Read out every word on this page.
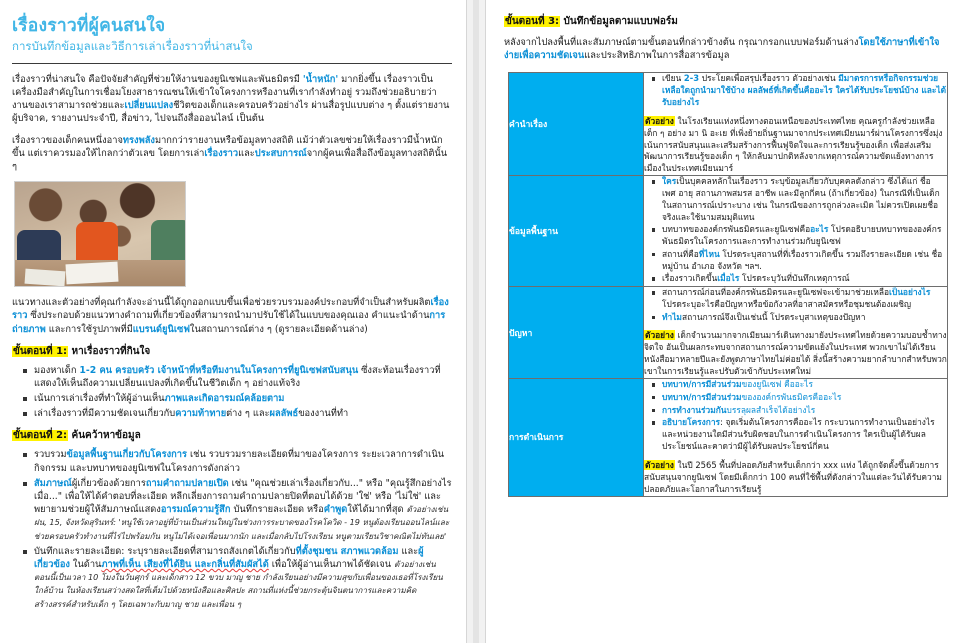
เรื่องราวที่ผู้คนสนใจ
การบันทึกข้อมูลและวิธีการเล่าเรื่องราวที่น่าสนใจ

เรื่องราวที่น่าสนใจ คือปัจจัยสำคัญที่ช่วยให้งานของยูนิเซฟและพันธมิตรมี 'น้ำหนัก' มากยิ่งขึ้น เรื่องราวเป็นเครื่องมือสำคัญในการเชื่อมโยงสาธารณชนให้เข้าใจโครงการหรืองานที่เรากำลังทำอยู่ รวมถึงช่วยอธิบายว่างานของเราสามารถช่วยและเปลี่ยนแปลงชีวิตของเด็กและครอบครัวอย่างไร ผ่านสื่อรูปแบบต่าง ๆ ตั้งแต่รายงานผู้บริจาค, รายงานประจำปี, สื่อข่าว, ไปจนถึงสื่อออนไลน์ เป็นต้น

เรื่องราวของเด็กคนหนึ่งอาจทรงพลังมากกว่ารายงานหรือข้อมูลทางสถิติ แม้ว่าตัวเลขช่วยให้เรื่องราวมีน้ำหนักขึ้น แต่เราควรมองให้ไกลกว่าตัวเลข โดยการเล่าเรื่องราวและประสบการณ์จากผู้คนเพื่อสื่อถึงข้อมูลทางสถิตินั้น ๆ

แนวทางและตัวอย่างที่คุณกำลังจะอ่านนี้ได้ถูกออกแบบขึ้นเพื่อช่วยรวบรวมองค์ประกอบที่จำเป็นสำหรับผลิตเรื่องราว ซึ่งประกอบด้วยแนวทางคำถามที่เกี่ยวข้องที่สามารถนำมาปรับใช้ได้ในแบบของคุณเอง คำแนะนำด้านการถ่ายภาพ และการใช้รูปภาพที่มีแบรนด์ยูนิเซฟในสถานการณ์ต่าง ๆ (ดูรายละเอียดด้านล่าง)

ขั้นตอนที่ 1: หาเรื่องราวที่กินใจ
มองหาเด็ก 1-2 คน ครอบครัว เจ้าหน้าที่หรือทีมงานในโครงการที่ยูนิเซฟสนับสนุน ซึ่งสะท้อนเรื่องราวที่แสดงให้เห็นถึงความเปลี่ยนแปลงที่เกิดขึ้นในชีวิตเด็ก ๆ อย่างแท้จริง
เน้นการเล่าเรื่องที่ทำให้ผู้อ่านเห็นภาพและเกิดอารมณ์คล้อยตาม
เล่าเรื่องราวที่มีความชัดเจนเกี่ยวกับความท้าทายต่าง ๆ และผลลัพธ์ของงานที่ทำ
ขั้นตอนที่ 2: ค้นคว้าหาข้อมูล
รวบรวมข้อมูลพื้นฐานเกี่ยวกับโครงการ เช่น รวบรวมรายละเอียดที่มาของโครงการ ระยะเวลาการดำเนินกิจกรรม และบทบาทของยูนิเซฟในโครงการดังกล่าว
สัมภาษณ์ผู้เกี่ยวข้องด้วยการถามคำถามปลายเปิด เช่น "คุณช่วยเล่าเรื่องเกี่ยวกับ..." หรือ "คุณรู้สึกอย่างไรเมื่อ..." เพื่อให้ได้คำตอบที่ละเอียด หลีกเลี่ยงการถามคำถามปลายปิดที่ตอบได้ด้วย 'ใช่' หรือ 'ไม่ใช่' และพยายามช่วยผู้ให้สัมภาษณ์แสดงอารมณ์ความรู้สึก บันทึกรายละเอียด หรือคำพูดให้ได้มากที่สุด ตัวอย่างเช่น ฝน, 15, จังหวัดสุรินทร์: 'หนูใช้เวลาอยู่ที่บ้านเป็นส่วนใหญ่ในช่วงการระบาดของโรคโควิด - 19 หนูต้องเรียนออนไลน์และช่วยครอบครัวทำงานที่ไร่ไปพร้อมกัน หนูไม่ได้เจอเพื่อนมากนัก และเมื่อกลับไปโรงเรียน หนูตามเรียนวิชาคณิตไม่ทันเลย'
บันทึกและรายละเอียด: ระบุรายละเอียดที่สามารถสังเกตได้เกี่ยวกับที่ตั้งชุมชน สภาพแวดล้อม และผู้เกี่ยวข้อง ในด้านภาพที่เห็น เสียงที่ได้ยิน และกลิ่นที่สัมผัสได้ เพื่อให้ผู้อ่านเห็นภาพได้ชัดเจน ตัวอย่างเช่น ตอนนี้เป็นเวลา 10 โมงในวันศุกร์ และเด็กสาว 12 ขวบ มาญู ชาย กำลังเรียนอย่างมีความสุขกับเพื่อนของเธอที่โรงเรียนใกล้บ้าน ในห้องเรียนสว่างสดใสที่เต็มไปด้วยหนังสือและศิลปะ สถานที่แห่งนี้ช่วยกระตุ้นจินตนาการและความคิดสร้างสรรค์สำหรับเด็ก ๆ โดยเฉพาะกับมาญู ชาย และเพื่อน ๆ
ขั้นตอนที่ 3: บันทึกข้อมูลตามแบบฟอร์ม

หลังจากไปลงพื้นที่และสัมภาษณ์ตามขั้นตอนที่กล่าวข้างต้น กรุณากรอกแบบฟอร์มด้านล่างโดยใช้ภาษาที่เข้าใจง่ายเพื่อความชัดเจนและประสิทธิภาพในการสื่อสารข้อมูล

คำนำเรื่อง	
เขียน 2-3 ประโยคเพื่อสรุปเรื่องราว ตัวอย่างเช่น มีมาตรการหรือกิจกรรมช่วยเหลือใดถูกนำมาใช้บ้าง ผลลัพธ์ที่เกิดขึ้นคืออะไร ใครได้รับประโยชน์บ้าง และได้รับอย่างไร
ตัวอย่าง ในโรงเรียนแห่งหนึ่งทางตอนเหนือของประเทศไทย คุณครูกำลังช่วยเหลือเด็ก ๆ อย่าง มา นิ อะเย ที่เพิ่งย้ายถิ่นฐานมาจากประเทศเมียนมาร์ผ่านโครงการซึ่งมุ่งเน้นการสนับสนุนและเสริมสร้างการฟื้นฟูจิตใจและการเรียนรู้ของเด็ก เพื่อส่งเสริมพัฒนาการเรียนรู้ของเด็ก ๆ ให้กลับมาปกติหลังจากเหตุการณ์ความขัดแย้งทางการเมืองในประเทศเมียนมาร์

ข้อมูลพื้นฐาน	
ใครเป็นบุคคลหลักในเรื่องราว ระบุข้อมูลเกี่ยวกับบุคคลดังกล่าว ซึ่งได้แก่ ชื่อ เพศ อายุ สถานภาพสมรส อาชีพ และมีลูกกี่คน (ถ้าเกี่ยวข้อง) ในกรณีที่เป็นเด็กในสถานการณ์เปราะบาง เช่น ในกรณีของการถูกล่วงละเมิด ไม่ควรเปิดเผยชื่อจริงและใช้นามสมมุติแทน
บทบาทขององค์กรพันธมิตรและยูนิเซฟคืออะไร โปรดอธิบายบทบาทขององค์กรพันธมิตรในโครงการและการทำงานร่วมกับยูนิเซฟ
สถานที่คือที่ไหน โปรดระบุสถานที่ที่เรื่องราวเกิดขึ้น รวมถึงรายละเอียด เช่น ชื่อหมู่บ้าน อำเภอ จังหวัด ฯลฯ.
เรื่องราวเกิดขึ้นเมื่อไร โปรดระบุวันที่บันทึกเหตุการณ์

ปัญหา	
สถานการณ์ก่อนที่องค์กรพันธมิตรและยูนิเซฟจะเข้ามาช่วยเหลือเป็นอย่างไร โปรดระบุอะไรคือปัญหาหรือข้อกังวลที่อาสาสมัครหรือชุมชนต้องเผชิญ
ทำไมสถานการณ์จึงเป็นเช่นนี้ โปรดระบุสาเหตุของปัญหา
ตัวอย่าง เด็กจำนวนมากจากเมียนมาร์เดินทางมายังประเทศไทยด้วยความบอบช้ำทางจิตใจ อันเป็นผลกระทบจากสถานการณ์ความขัดแย้งในประเทศ พวกเขาไม่ได้เรียนหนังสือมาหลายปีและยังพูดภาษาไทยไม่ค่อยได้ สิ่งนี้สร้างความยากลำบากสำหรับพวกเขาในการเรียนรู้และปรับตัวเข้ากับประเทศใหม่

การดำเนินการ	
บทบาท/การมีส่วนร่วมของยูนิเซฟ คืออะไร
บทบาท/การมีส่วนร่วมขององค์กรพันธมิตรคืออะไร
การทำงานร่วมกันบรรลุผลสำเร็จได้อย่างไร
อธิบายโครงการ: จุดเริ่มต้นโครงการคืออะไร กระบวนการทำงานเป็นอย่างไร และหน่วยงานใดมีส่วนรับผิดชอบในการดำเนินโครงการ ใครเป็นผู้ได้รับผลประโยชน์และคาดว่ามีผู้ได้รับผลประโยชน์กี่คน
ตัวอย่าง ในปี 2565 พื้นที่ปลอดภัยสำหรับเด็กกว่า xxx แห่ง ได้ถูกจัดตั้งขึ้นด้วยการสนับสนุนจากยูนิเซฟ โดยมีเด็กกว่า 100 คนที่ใช้พื้นที่ดังกล่าวในแต่ละวันได้รับความปลอดภัยและโอกาสในการเรียนรู้
